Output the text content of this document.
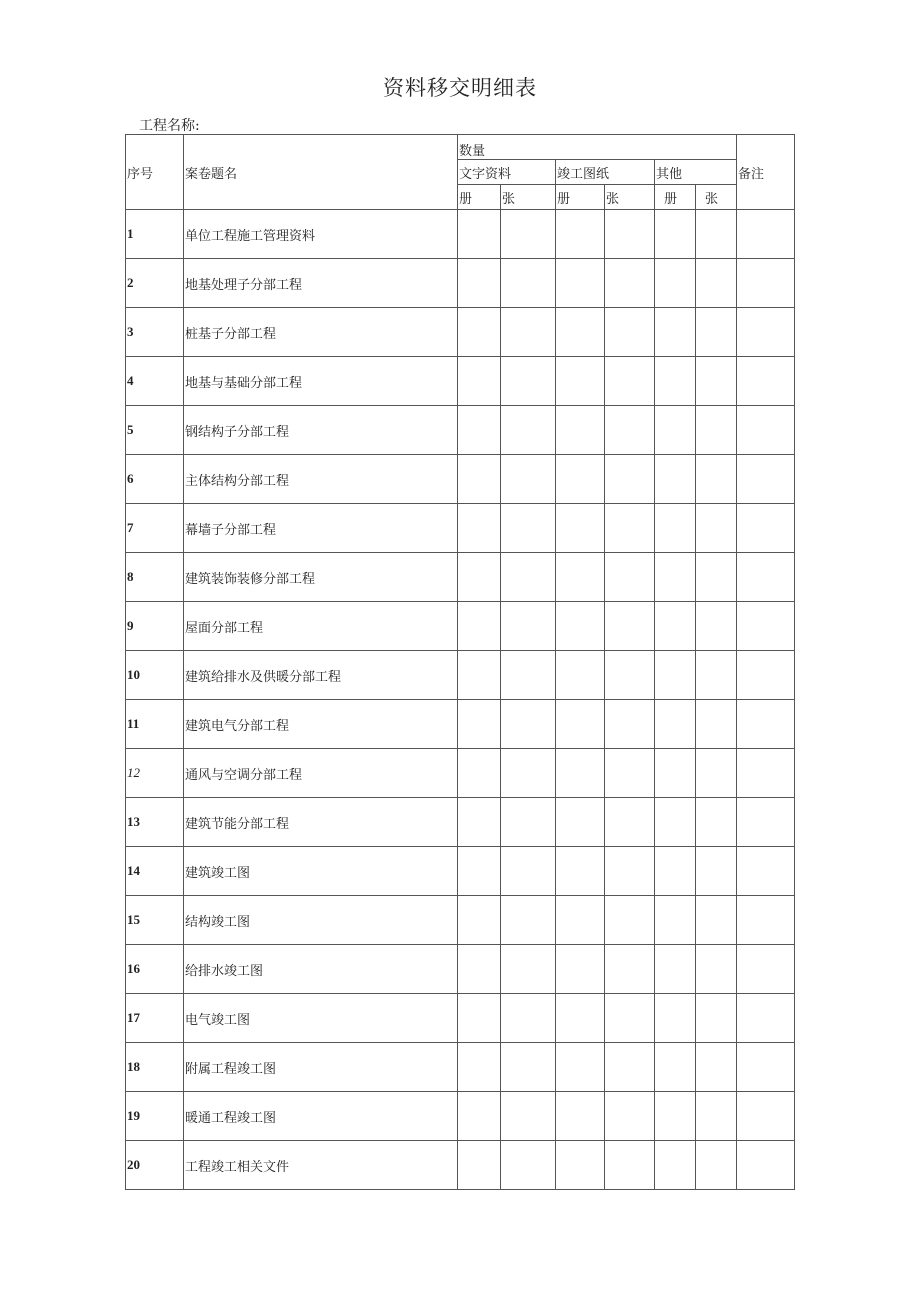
资料移交明细表
工程名称:
序号	案卷题名	数量						备注
		文字资料		竣工图纸		其他		
		册	张	册	张	册	张	
1	单位工程施工管理资料							
2	地基处理子分部工程							
3	桩基子分部工程							
4	地基与基础分部工程							
5	钢结构子分部工程							
6	主体结构分部工程							
7	幕墙子分部工程							
8	建筑装饰装修分部工程							
9	屋面分部工程							
10	建筑给排水及供暖分部工程							
11	建筑电气分部工程							
12	通风与空调分部工程							
13	建筑节能分部工程							
14	建筑竣工图							
15	结构竣工图							
16	给排水竣工图							
17	电气竣工图							
18	附属工程竣工图							
19	暖通工程竣工图							
20	工程竣工相关文件							
